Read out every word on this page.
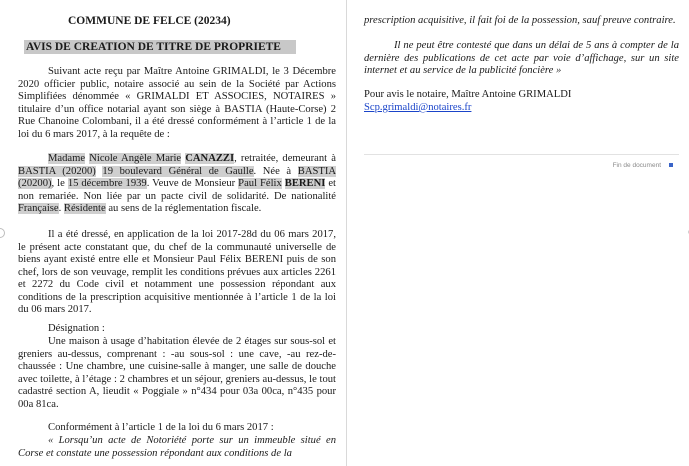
COMMUNE DE FELCE (20234)

AVIS DE CREATION DE TITRE DE PROPRIETE

Suivant acte reçu par Maître Antoine GRIMALDI, le 3 Décembre 2020 officier public, notaire associé au sein de la Société par Actions Simplifiées dénommée « GRIMALDI ET ASSOCIES, NOTAIRES » titulaire d’un office notarial ayant son siège à BASTIA (Haute-Corse) 2 Rue Chanoine Colombani, il a été dressé conformément à l’article 1 de la loi du 6 mars 2017, à la requête de :

Madame Nicole Angèle Marie CANAZZI, retraitée, demeurant à BASTIA (20200) 19 boulevard Général de Gaulle. Née à BASTIA (20200), le 15 décembre 1939. Veuve de Monsieur Paul Félix BERENI et non remariée. Non liée par un pacte civil de solidarité. De nationalité Française. Résidente au sens de la réglementation fiscale.

Il a été dressé, en application de la loi 2017-28d du 06 mars 2017, le présent acte constatant que, du chef de la communauté universelle de biens ayant existé entre elle et Monsieur Paul Félix BERENI puis de son chef, lors de son veuvage, remplit les conditions prévues aux articles 2261 et 2272 du Code civil et notamment une possession répondant aux conditions de la prescription acquisitive mentionnée à l’article 1 de la loi du 06 mars 2017.

Désignation :

Une maison à usage d’habitation élevée de 2 étages sur sous-sol et greniers au-dessus, comprenant : -au sous-sol : une cave, -au rez-de-chaussée : Une chambre, une cuisine-salle à manger, une salle de douche avec toilette, à l’étage : 2 chambres et un séjour, greniers au-dessus, le tout cadastré section A, lieudit « Poggiale » n°434 pour 03a 00ca, n°435 pour 00a 81ca.

Conformément à l’article 1 de la loi du 6 mars 2017 :

« Lorsqu’un acte de Notoriété porte sur un immeuble situé en Corse et constate une possession répondant aux conditions de la

prescription acquisitive, il fait foi de la possession, sauf preuve contraire.

Il ne peut être contesté que dans un délai de 5 ans à compter de la dernière des publications de cet acte par voie d’affichage, sur un site internet et au service de la publicité foncière »

Pour avis le notaire, Maître Antoine GRIMALDI

Scp.grimaldi@notaires.fr

Fin de document
